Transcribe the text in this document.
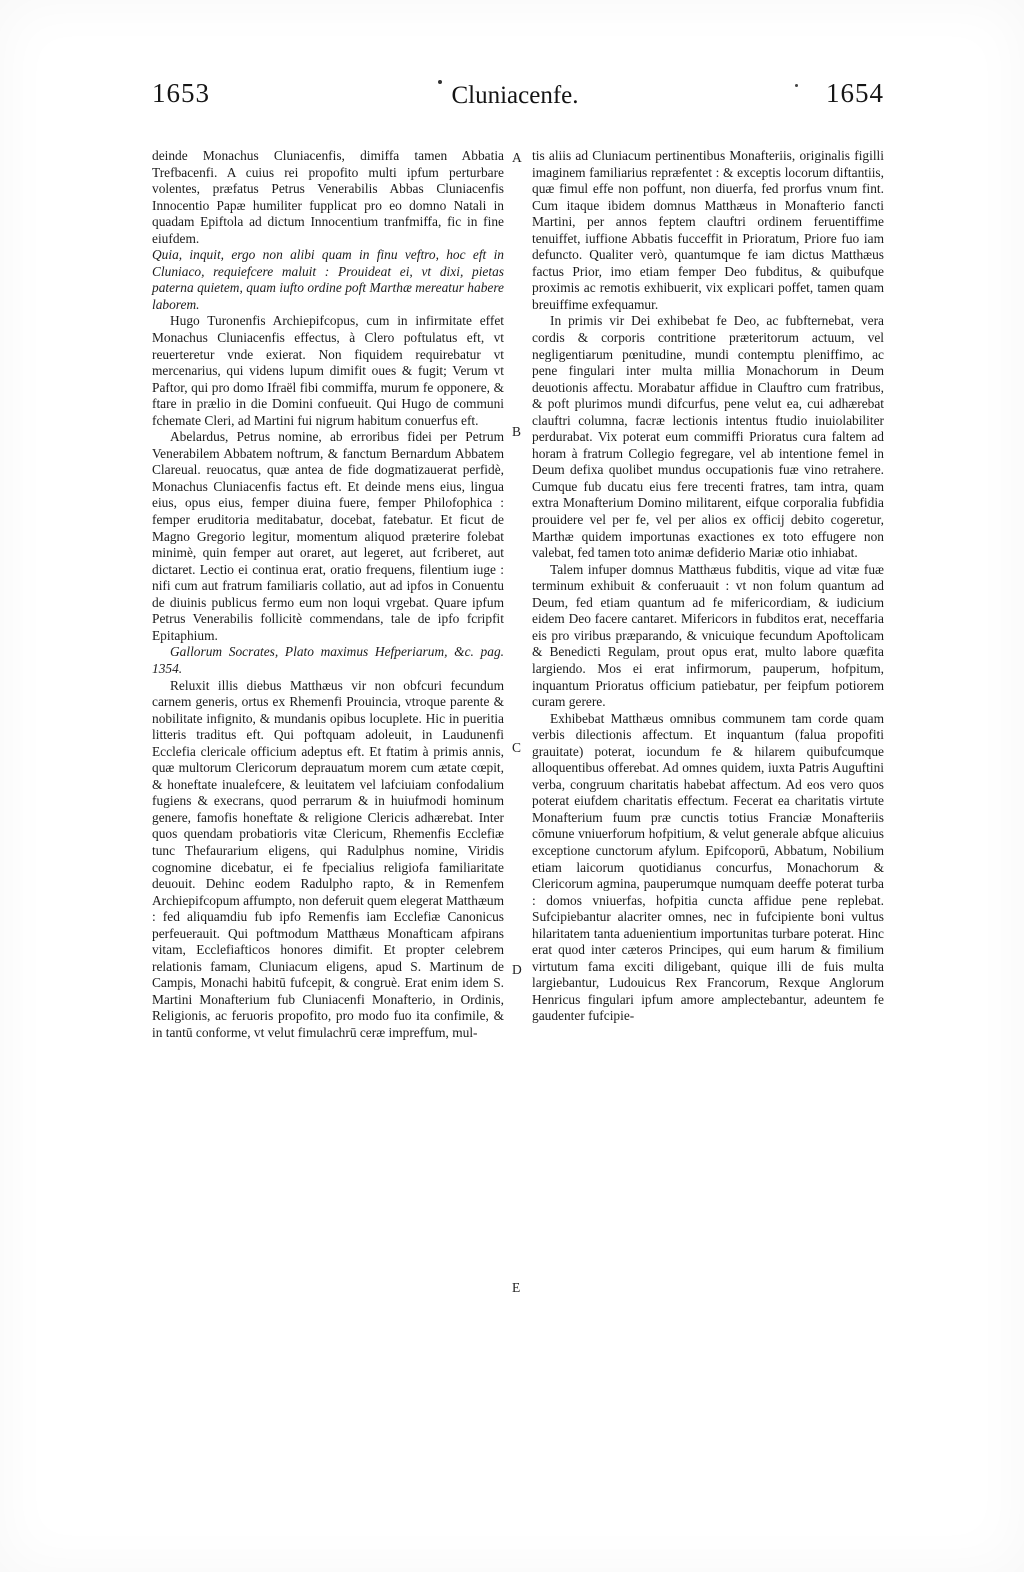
1653	Cluniacenfe.	1654
A
B
C
D
E

deinde Monachus Cluniacenfis, dimiffa tamen Abbatia Trefbacenfi. A cuius rei propofito multi ipfum perturbare volentes, præfatus Petrus Venerabilis Abbas Cluniacenfis Innocentio Papæ humiliter fupplicat pro eo domno Natali in quadam Epiftola ad dictum Innocentium tranfmiffa, fic in fine eiufdem.

Quia, inquit, ergo non alibi quam in finu veftro, hoc eft in Cluniaco, requiefcere maluit : Prouideat ei, vt dixi, pietas paterna quietem, quam iufto ordine poft Marthæ mereatur habere laborem.

Hugo Turonenfis Archiepifcopus, cum in infirmitate effet Monachus Cluniacenfis effectus, à Clero poftulatus eft, vt reuerteretur vnde exierat. Non fiquidem requirebatur vt mercenarius, qui videns lupum dimifit oues & fugit; Verum vt Paftor, qui pro domo Ifraël fibi commiffa, murum fe opponere, & ftare in prælio in die Domini confueuit. Qui Hugo de communi fchemate Cleri, ad Martini fui nigrum habitum conuerfus eft.

Abelardus, Petrus nomine, ab erroribus fidei per Petrum Venerabilem Abbatem noftrum, & fanctum Bernardum Abbatem Clareual. reuocatus, quæ antea de fide dogmatizauerat perfidè, Monachus Cluniacenfis factus eft. Et deinde mens eius, lingua eius, opus eius, femper diuina fuere, femper Philofophica : femper eruditoria meditabatur, docebat, fatebatur. Et ficut de Magno Gregorio legitur, momentum aliquod præterire folebat minimè, quin femper aut oraret, aut legeret, aut fcriberet, aut dictaret. Lectio ei continua erat, oratio frequens, filentium iuge : nifi cum aut fratrum familiaris collatio, aut ad ipfos in Conuentu de diuinis publicus fermo eum non loqui vrgebat. Quare ipfum Petrus Venerabilis follicitè commendans, tale de ipfo fcripfit Epitaphium.

Gallorum Socrates, Plato maximus Hefperiarum, &c. pag. 1354.

Reluxit illis diebus Matthæus vir non obfcuri fecundum carnem generis, ortus ex Rhemenfi Prouincia, vtroque parente & nobilitate infignito, & mundanis opibus locuplete. Hic in pueritia litteris traditus eft. Qui poftquam adoleuit, in Laudunenfi Ecclefia clericale officium adeptus eft. Et ftatim à primis annis, quæ multorum Clericorum deprauatum morem cum ætate cœpit, & honeftate inualefcere, & leuitatem vel lafciuiam confodalium fugiens & execrans, quod perrarum & in huiufmodi hominum genere, famofis honeftate & religione Clericis adhærebat. Inter quos quendam probatioris vitæ Clericum, Rhemenfis Ecclefiæ tunc Thefaurarium eligens, qui Radulphus nomine, Viridis cognomine dicebatur, ei fe fpecialius religiofa familiaritate deuouit. Dehinc eodem Radulpho rapto, & in Remenfem Archiepifcopum affumpto, non deferuit quem elegerat Matthæum : fed aliquamdiu fub ipfo Remenfis iam Ecclefiæ Canonicus perfeuerauit. Qui poftmodum Matthæus Monafticam afpirans vitam, Ecclefiafticos honores dimifit. Et propter celebrem relationis famam, Cluniacum eligens, apud S. Martinum de Campis, Monachi habitū fufcepit, & congruè. Erat enim idem S. Martini Monafterium fub Cluniacenfi Monafterio, in Ordinis, Religionis, ac feruoris propofito, pro modo fuo ita confimile, & in tantū conforme, vt velut fimulachrū ceræ impreffum, mul-

tis aliis ad Cluniacum pertinentibus Monafteriis, originalis figilli imaginem familiarius repræfentet : & exceptis locorum diftantiis, quæ fimul effe non poffunt, non diuerfa, fed prorfus vnum fint. Cum itaque ibidem domnus Matthæus in Monafterio fancti Martini, per annos feptem clauftri ordinem feruentiffime tenuiffet, iuffione Abbatis fucceffit in Prioratum, Priore fuo iam defuncto. Qualiter verò, quantumque fe iam dictus Matthæus factus Prior, imo etiam femper Deo fubditus, & quibufque proximis ac remotis exhibuerit, vix explicari poffet, tamen quam breuiffime exfequamur.

In primis vir Dei exhibebat fe Deo, ac fubfternebat, vera cordis & corporis contritione præteritorum actuum, vel negligentiarum pœnitudine, mundi contemptu pleniffimo, ac pene fingulari inter multa millia Monachorum in Deum deuotionis affectu. Morabatur affidue in Clauftro cum fratribus, & poft plurimos mundi difcurfus, pene velut ea, cui adhærebat clauftri columna, facræ lectionis intentus ftudio inuiolabiliter perdurabat. Vix poterat eum commiffi Prioratus cura faltem ad horam à fratrum Collegio fegregare, vel ab intentione femel in Deum defixa quolibet mundus occupationis fuæ vino retrahere. Cumque fub ducatu eius fere trecenti fratres, tam intra, quam extra Monafterium Domino militarent, eifque corporalia fubfidia prouidere vel per fe, vel per alios ex officij debito cogeretur, Marthæ quidem importunas exactiones ex toto effugere non valebat, fed tamen toto animæ defiderio Mariæ otio inhiabat.

Talem infuper domnus Matthæus fubditis, vique ad vitæ fuæ terminum exhibuit & conferuauit : vt non folum quantum ad Deum, fed etiam quantum ad fe mifericordiam, & iudicium eidem Deo facere cantaret. Mifericors in fubditos erat, neceffaria eis pro viribus præparando, & vnicuique fecundum Apoftolicam & Benedicti Regulam, prout opus erat, multo labore quæfita largiendo. Mos ei erat infirmorum, pauperum, hofpitum, inquantum Prioratus officium patiebatur, per feipfum potiorem curam gerere.

Exhibebat Matthæus omnibus communem tam corde quam verbis dilectionis affectum. Et inquantum (falua propofiti grauitate) poterat, iocundum fe & hilarem quibufcumque alloquentibus offerebat. Ad omnes quidem, iuxta Patris Auguftini verba, congruum charitatis habebat affectum. Ad eos vero quos poterat eiufdem charitatis effectum. Fecerat ea charitatis virtute Monafterium fuum præ cunctis totius Franciæ Monafteriis cōmune vniuerforum hofpitium, & velut generale abfque alicuius exceptione cunctorum afylum. Epifcoporū, Abbatum, Nobilium etiam laicorum quotidianus concurfus, Monachorum & Clericorum agmina, pauperumque numquam deeffe poterat turba : domos vniuerfas, hofpitia cuncta affidue pene replebat. Sufcipiebantur alacriter omnes, nec in fufcipiente boni vultus hilaritatem tanta aduenientium importunitas turbare poterat. Hinc erat quod inter cæteros Principes, qui eum harum & fimilium virtutum fama exciti diligebant, quique illi de fuis multa largiebantur, Ludouicus Rex Francorum, Rexque Anglorum Henricus fingulari ipfum amore amplectebantur, adeuntem fe gaudenter fufcipie-
